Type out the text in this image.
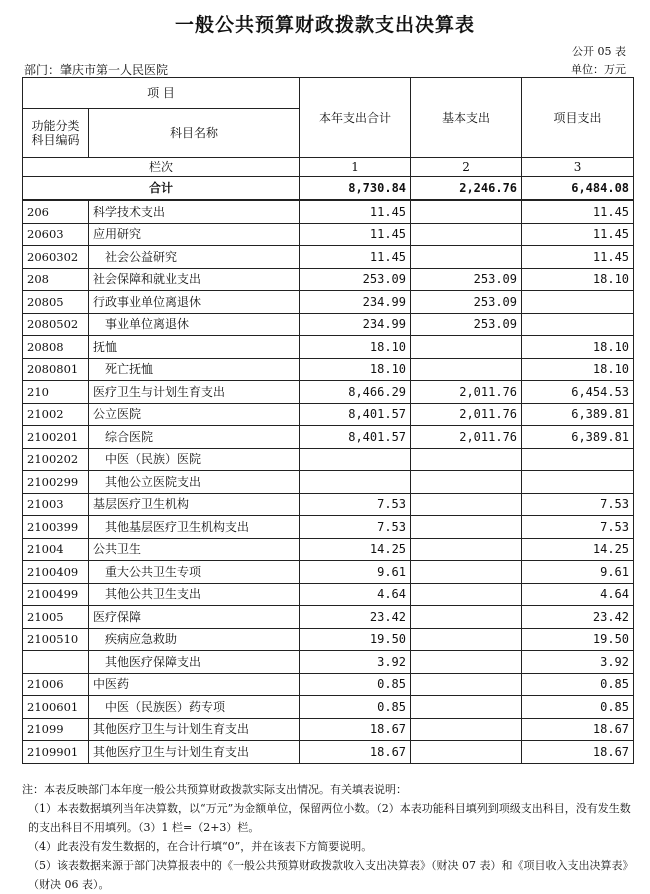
一般公共预算财政拨款支出决算表
公开 05 表
部门：肇庆市第一人民医院	单位：万元
项 目		本年支出合计	基本支出	项目支出
功能分类科目编码	科目名称			
栏次		1	2	3
合计		8,730.84	2,246.76	6,484.08
206	科学技术支出	11.45		11.45
20603	应用研究	11.45		11.45
2060302	社会公益研究	11.45		11.45
208	社会保障和就业支出	253.09	253.09	18.10
20805	行政事业单位离退休	234.99	253.09	
2080502	事业单位离退休	234.99	253.09	
20808	抚恤	18.10		18.10
2080801	死亡抚恤	18.10		18.10
210	医疗卫生与计划生育支出	8,466.29	2,011.76	6,454.53
21002	公立医院	8,401.57	2,011.76	6,389.81
2100201	综合医院	8,401.57	2,011.76	6,389.81
2100202	中医（民族）医院			
2100299	其他公立医院支出			
21003	基层医疗卫生机构	7.53		7.53
2100399	其他基层医疗卫生机构支出	7.53		7.53
21004	公共卫生	14.25		14.25
2100409	重大公共卫生专项	9.61		9.61
2100499	其他公共卫生支出	4.64		4.64
21005	医疗保障	23.42		23.42
2100510	疾病应急救助	19.50		19.50
	其他医疗保障支出	3.92		3.92
21006	中医药	0.85		0.85
2100601	中医（民族医）药专项	0.85		0.85
21099	其他医疗卫生与计划生育支出	18.67		18.67
2109901	其他医疗卫生与计划生育支出	18.67		18.67

注：本表反映部门本年度一般公共预算财政拨款实际支出情况。有关填表说明：

（1）本表数据填列当年决算数，以“万元”为金额单位，保留两位小数。（2）本表功能科目填列到项级支出科目，没有发生数的支出科目不用填列。（3）1 栏=（2+3）栏。

（4）此表没有发生数据的，在合计行填“0”，并在该表下方简要说明。

（5）该表数据来源于部门决算报表中的《一般公共预算财政拨款收入支出决算表》（财决 07 表）和《项目收入支出决算表》（财决 06 表）。
